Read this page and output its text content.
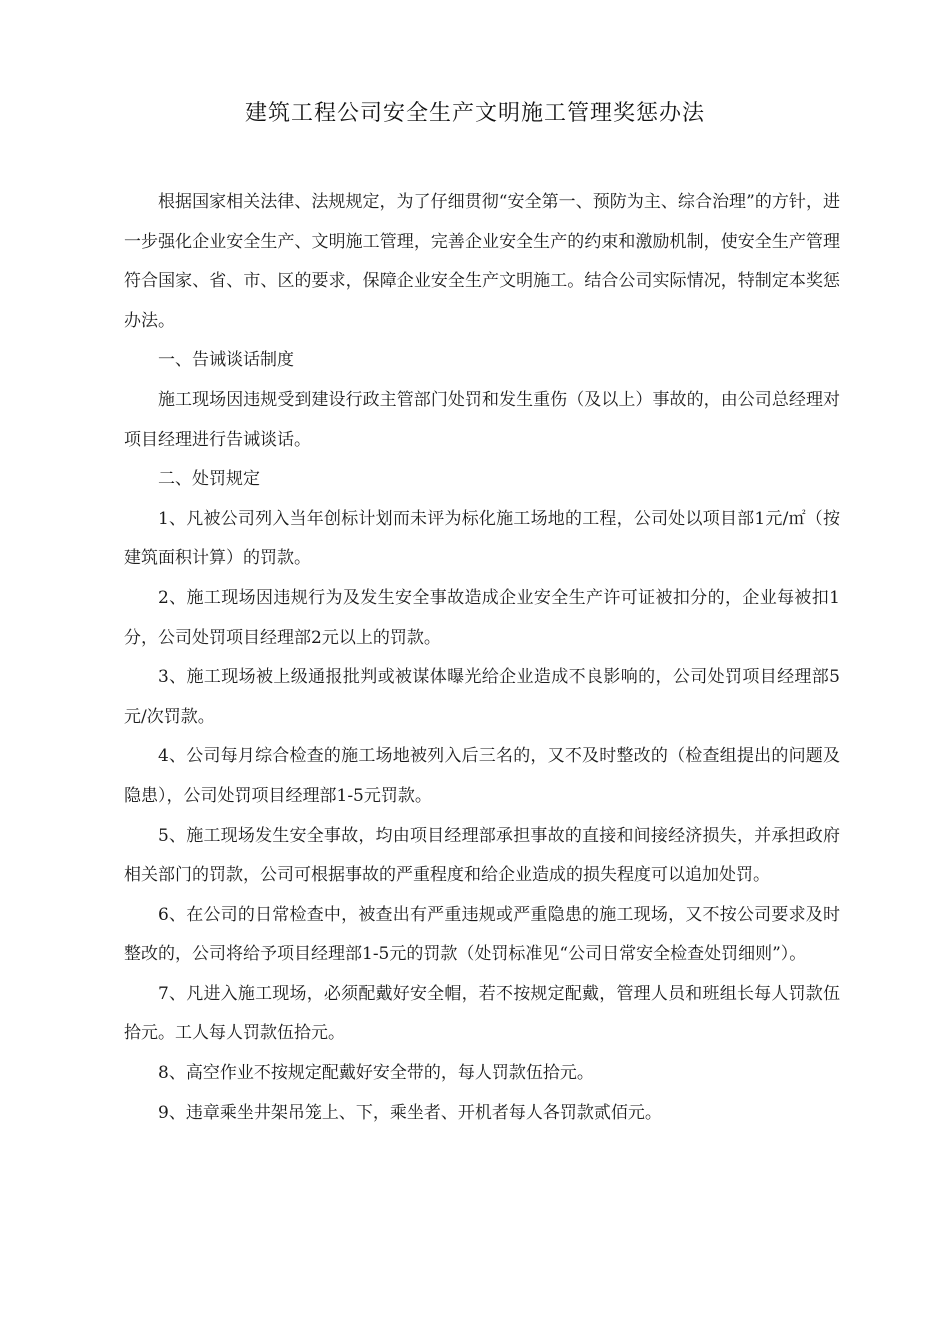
建筑工程公司安全生产文明施工管理奖惩办法

根据国家相关法律、法规规定，为了仔细贯彻“安全第一、预防为主、综合治理”的方针，进一步强化企业安全生产、文明施工管理，完善企业安全生产的约束和激励机制，使安全生产管理符合国家、省、市、区的要求，保障企业安全生产文明施工。结合公司实际情况，特制定本奖惩办法。

一、告诫谈话制度

施工现场因违规受到建设行政主管部门处罚和发生重伤（及以上）事故的，由公司总经理对项目经理进行告诫谈话。

二、处罚规定

1、凡被公司列入当年创标计划而未评为标化施工场地的工程，公司处以项目部1元/㎡（按建筑面积计算）的罚款。

2、施工现场因违规行为及发生安全事故造成企业安全生产许可证被扣分的，企业每被扣1分，公司处罚项目经理部2元以上的罚款。

3、施工现场被上级通报批判或被谋体曝光给企业造成不良影响的，公司处罚项目经理部5元/次罚款。

4、公司每月综合检查的施工场地被列入后三名的，又不及时整改的（检查组提出的问题及隐患），公司处罚项目经理部1-5元罚款。

5、施工现场发生安全事故，均由项目经理部承担事故的直接和间接经济损失，并承担政府相关部门的罚款，公司可根据事故的严重程度和给企业造成的损失程度可以追加处罚。

6、在公司的日常检查中，被查出有严重违规或严重隐患的施工现场，又不按公司要求及时整改的，公司将给予项目经理部1-5元的罚款（处罚标准见“公司日常安全检查处罚细则”）。

7、凡进入施工现场，必须配戴好安全帽，若不按规定配戴，管理人员和班组长每人罚款伍拾元。工人每人罚款伍拾元。

8、高空作业不按规定配戴好安全带的，每人罚款伍拾元。

9、违章乘坐井架吊笼上、下，乘坐者、开机者每人各罚款贰佰元。
